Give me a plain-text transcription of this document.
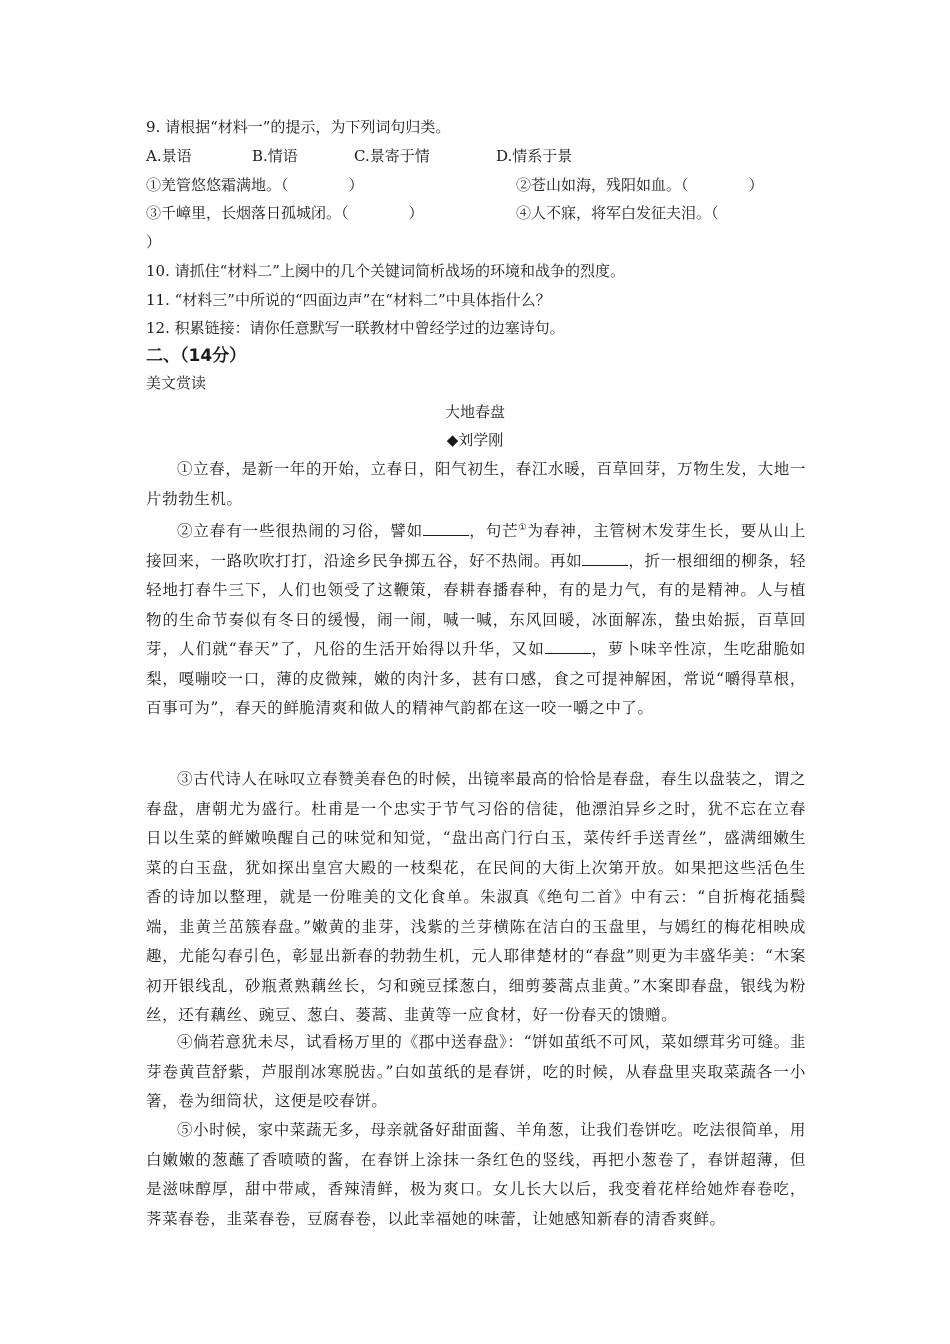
9. 请根据“材料一”的提示，为下列词句归类。
A.景语	B.情语	C.景寄于情	D.情系于景
①羌管悠悠霜满地。（　　　　）	②苍山如海，残阳如血。（　　　　）
③千嶂里，长烟落日孤城闭。（　　　　）	④人不寐，将军白发征夫泪。（
）
10. 请抓住“材料二”上阕中的几个关键词简析战场的环境和战争的烈度。
11. “材料三”中所说的“四面边声”在“材料二”中具体指什么？
12. 积累链接：请你任意默写一联教材中曾经学过的边塞诗句。
二、（14分）
美文赏读
大地春盘
◆刘学刚
①立春，是新一年的开始，立春日，阳气初生，春江水暖，百草回芽，万物生发，大地一片勃勃生机。
②立春有一些很热闹的习俗，譬如	，句芒①为春神，主管树木发芽生长，要从山上接回来，一路吹吹打打，沿途乡民争掷五谷，好不热闹。再如	，折一根细细的柳条，轻轻地打春牛三下，人们也领受了这鞭策，春耕春播春种，有的是力气，有的是精神。人与植物的生命节奏似有冬日的缓慢，闹一闹，喊一喊，东风回暖，冰面解冻，蛰虫始振，百草回芽，人们就“春天”了，凡俗的生活开始得以升华，又如	，萝卜味辛性凉，生吃甜脆如梨，嘎嘣咬一口，薄的皮微辣，嫩的肉汁多，甚有口感，食之可提神解困，常说“嚼得草根，百事可为”，春天的鲜脆清爽和做人的精神气韵都在这一咬一嚼之中了。
③古代诗人在咏叹立春赞美春色的时候，出镜率最高的恰恰是春盘，春生以盘装之，谓之春盘，唐朝尤为盛行。杜甫是一个忠实于节气习俗的信徒，他漂泊异乡之时，犹不忘在立春日以生菜的鲜嫩唤醒自己的味觉和知觉，“盘出高门行白玉，菜传纤手送青丝”，盛满细嫩生菜的白玉盘，犹如探出皇宫大殿的一枝梨花，在民间的大街上次第开放。如果把这些活色生香的诗加以整理，就是一份唯美的文化食单。朱淑真《绝句二首》中有云：“自折梅花插鬓端，韭黄兰茁簇春盘。”嫩黄的韭芽，浅紫的兰芽横陈在洁白的玉盘里，与嫣红的梅花相映成趣，尤能勾春引色，彰显出新春的勃勃生机，元人耶律楚材的“春盘”则更为丰盛华美：“木案初开银线乱，砂瓶煮熟藕丝长，匀和豌豆揉葱白，细剪蒌蒿点韭黄。”木案即春盘，银线为粉丝，还有藕丝、豌豆、葱白、蒌蒿、韭黄等一应食材，好一份春天的馈赠。
④倘若意犹未尽，试看杨万里的《郡中送春盘》：“饼如茧纸不可风，菜如缥茸劣可缝。韭芽卷黄苣舒紫，芦服削冰寒脱齿。”白如茧纸的是春饼，吃的时候，从春盘里夹取菜蔬各一小箸，卷为细筒状，这便是咬春饼。
⑤小时候，家中菜蔬无多，母亲就备好甜面酱、羊角葱，让我们卷饼吃。吃法很简单，用白嫩嫩的葱蘸了香喷喷的酱，在春饼上涂抹一条红色的竖线，再把小葱卷了，春饼超薄，但是滋味醇厚，甜中带咸，香辣清鲜，极为爽口。女儿长大以后，我变着花样给她炸春卷吃，荠菜春卷，韭菜春卷，豆腐春卷，以此幸福她的味蕾，让她感知新春的清香爽鲜。
